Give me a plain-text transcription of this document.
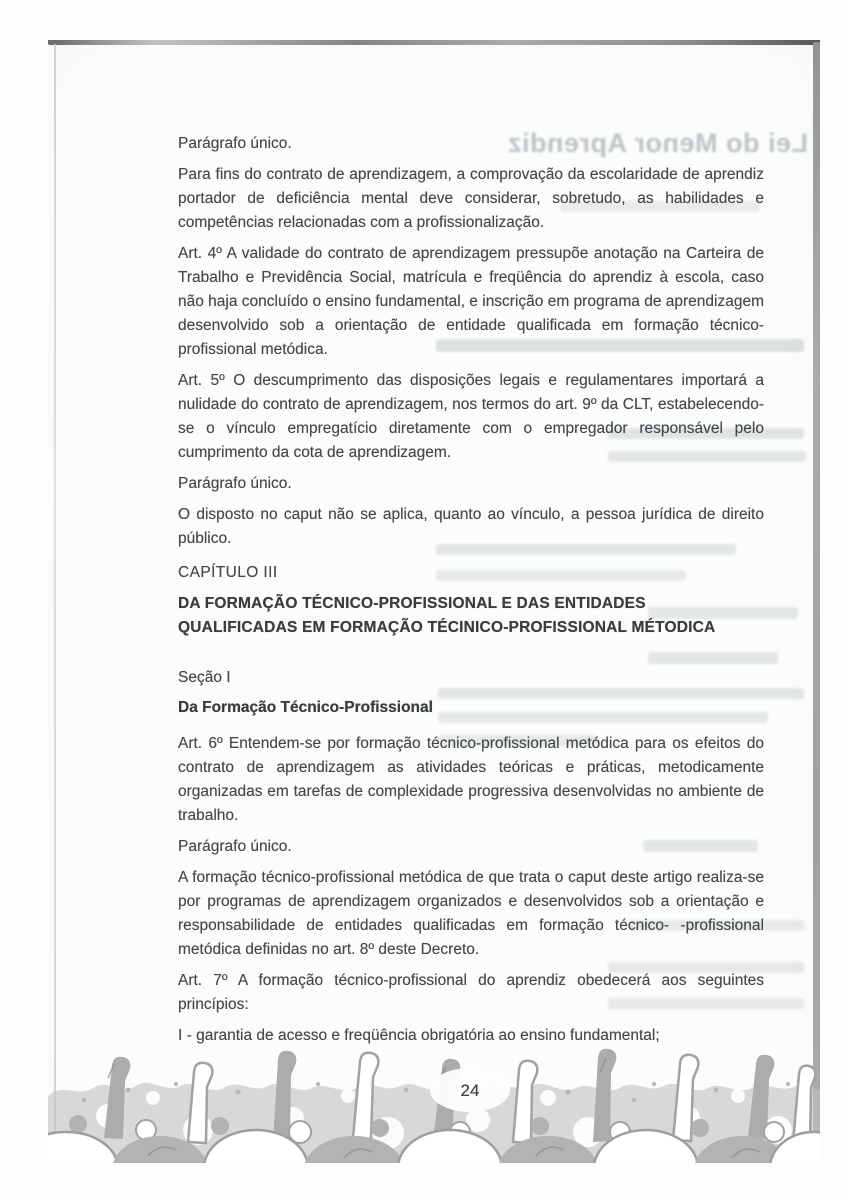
Lei do Menor Aprendiz
Parágrafo único.
Para fins do contrato de aprendizagem, a comprovação da escolaridade de aprendiz portador de deficiência mental deve considerar, sobretudo, as habilidades e competências relacionadas com a profissionalização.
Art. 4º A validade do contrato de aprendizagem pressupõe anotação na Carteira de Trabalho e Previdência Social, matrícula e freqüência do aprendiz à escola, caso não haja concluído o ensino fundamental, e inscrição em programa de aprendizagem desenvolvido sob a orientação de entidade qualificada em formação técnico-profissional metódica.
Art. 5º O descumprimento das disposições legais e regulamentares importará a nulidade do contrato de aprendizagem, nos termos do art. 9º da CLT, estabelecendo-se o vínculo empregatício diretamente com o empregador responsável pelo cumprimento da cota de aprendizagem.
Parágrafo único.
O disposto no caput não se aplica, quanto ao vínculo, a pessoa jurídica de direito público.
CAPÍTULO III
DA FORMAÇÃO TÉCNICO-PROFISSIONAL E DAS ENTIDADES
QUALIFICADAS EM FORMAÇÃO TÉCINICO-PROFISSIONAL MÉTODICA
Seção I
Da Formação Técnico-Profissional
Art. 6º Entendem-se por formação técnico-profissional metódica para os efeitos do contrato de aprendizagem as atividades teóricas e práticas, metodicamente organizadas em tarefas de complexidade progressiva desenvolvidas no ambiente de trabalho.
Parágrafo único.
A formação técnico-profissional metódica de que trata o caput deste artigo realiza-se por programas de aprendizagem organizados e desenvolvidos sob a orientação e responsabilidade de entidades qualificadas em formação técnico- -profissional metódica definidas no art. 8º deste Decreto.
Art. 7º A formação técnico-profissional do aprendiz obedecerá aos seguintes princípios:
I - garantia de acesso e freqüência obrigatória ao ensino fundamental;
24
